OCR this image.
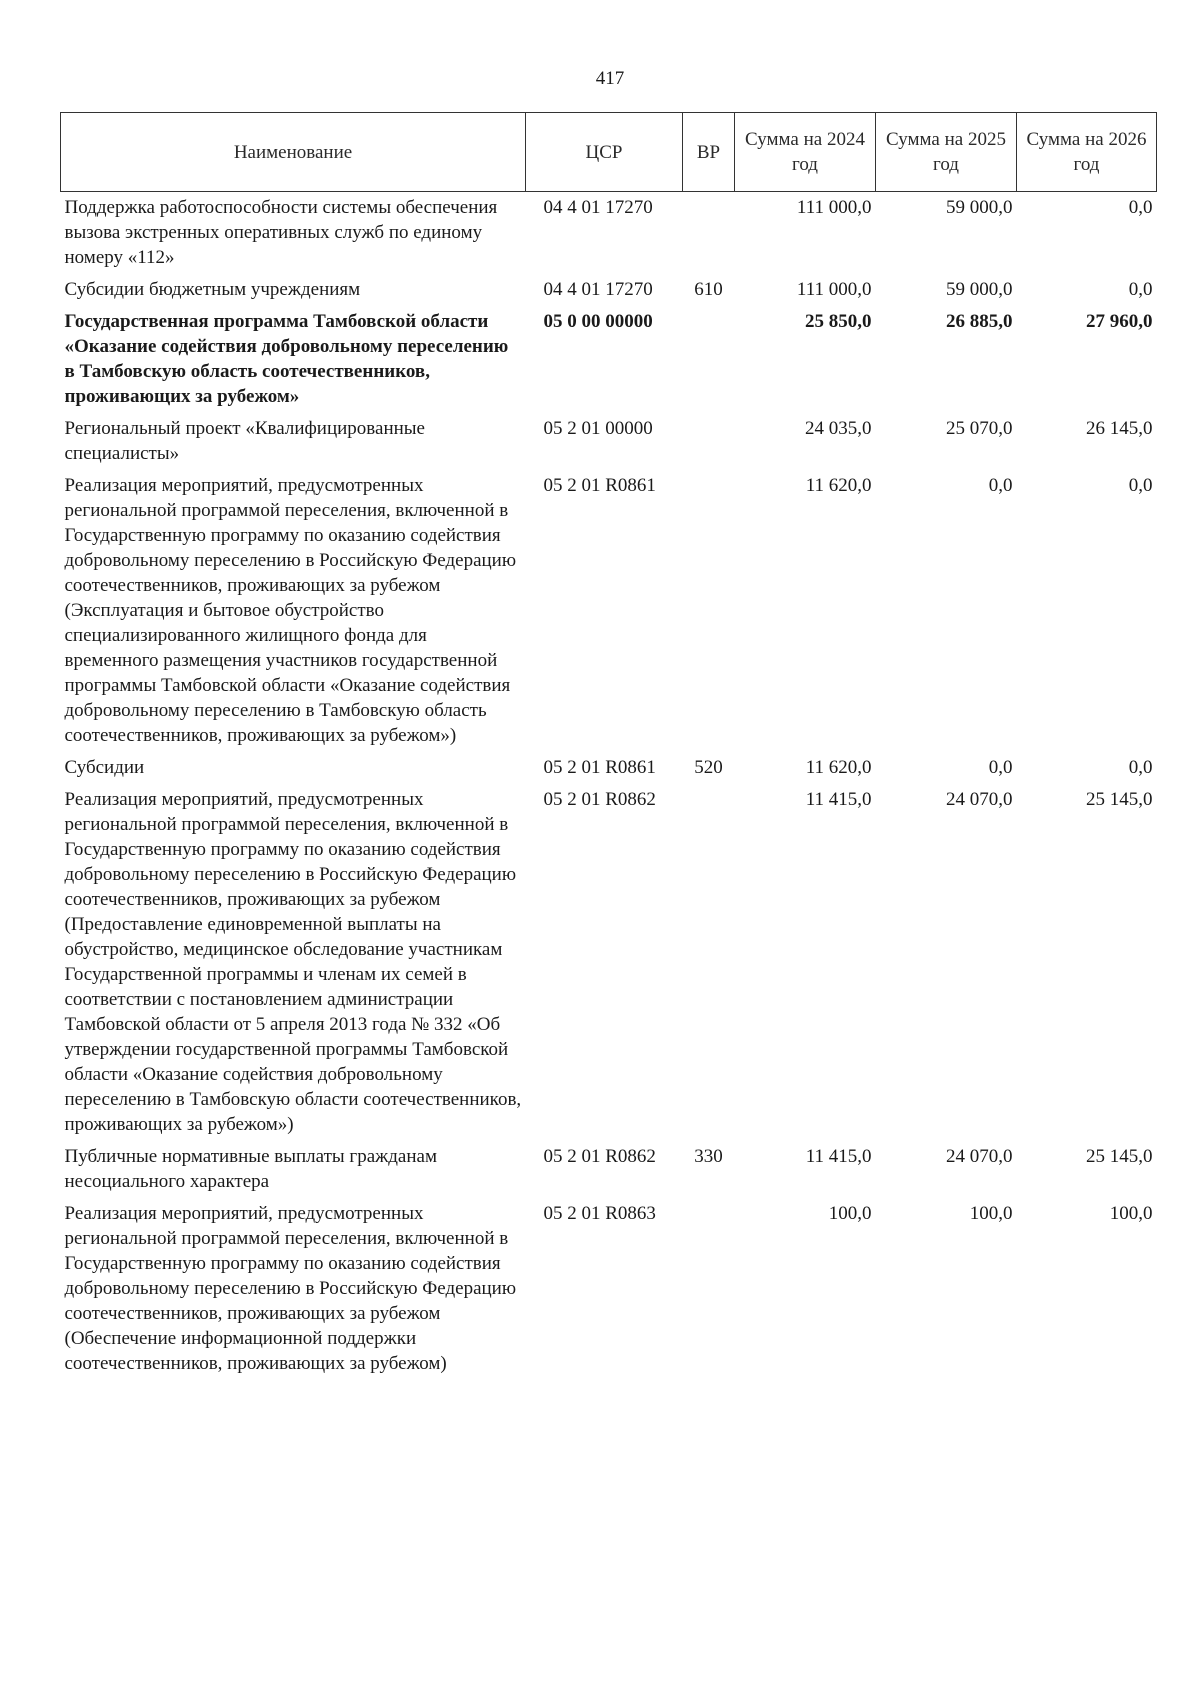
417
Наименование	ЦСР	ВР	Сумма на 2024 год	Сумма на 2025 год	Сумма на 2026 год
Поддержка работоспособности системы обеспечения вызова экстренных оперативных служб по единому номеру «112»	04 4 01 17270		111 000,0	59 000,0	0,0
Субсидии бюджетным учреждениям	04 4 01 17270	610	111 000,0	59 000,0	0,0
Государственная программа Тамбовской области «Оказание содействия добровольному переселению в Тамбовскую область соотечественников, проживающих за рубежом»	05 0 00 00000		25 850,0	26 885,0	27 960,0
Региональный проект «Квалифицированные специалисты»	05 2 01 00000		24 035,0	25 070,0	26 145,0
Реализация мероприятий, предусмотренных региональной программой переселения, включенной в Государственную программу по оказанию содействия добровольному переселению в Российскую Федерацию соотечественников, проживающих за рубежом (Эксплуатация и бытовое обустройство специализированного жилищного фонда для временного размещения участников государственной программы Тамбовской области «Оказание содействия добровольному переселению в Тамбовскую область соотечественников, проживающих за рубежом»)	05 2 01 R0861		11 620,0	0,0	0,0
Субсидии	05 2 01 R0861	520	11 620,0	0,0	0,0
Реализация мероприятий, предусмотренных региональной программой переселения, включенной в Государственную программу по оказанию содействия добровольному переселению в Российскую Федерацию соотечественников, проживающих за рубежом (Предоставление единовременной выплаты на обустройство, медицинское обследование участникам Государственной программы и членам их семей в соответствии с постановлением администрации Тамбовской области от 5 апреля 2013 года № 332 «Об утверждении государственной программы Тамбовской области «Оказание содействия добровольному переселению в Тамбовскую области соотечественников, проживающих за рубежом»)	05 2 01 R0862		11 415,0	24 070,0	25 145,0
Публичные нормативные выплаты гражданам несоциального характера	05 2 01 R0862	330	11 415,0	24 070,0	25 145,0
Реализация мероприятий, предусмотренных региональной программой переселения, включенной в Государственную программу по оказанию содействия добровольному переселению в Российскую Федерацию соотечественников, проживающих за рубежом (Обеспечение информационной поддержки соотечественников, проживающих за рубежом)	05 2 01 R0863		100,0	100,0	100,0
